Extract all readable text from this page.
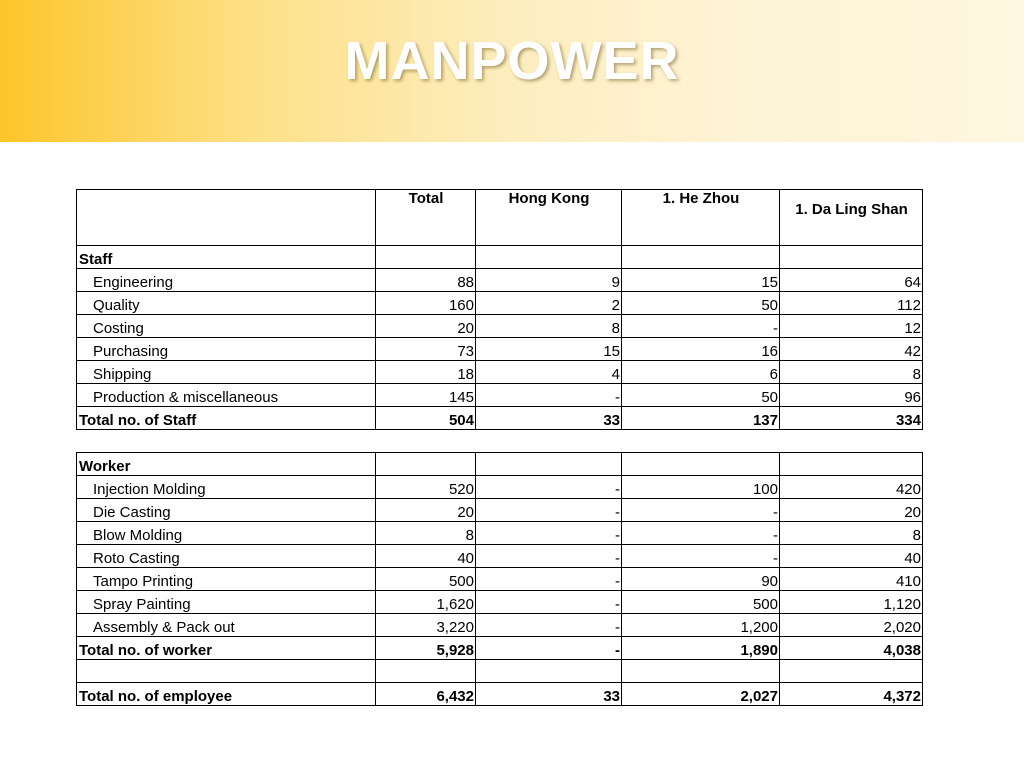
MANPOWER
	Total	Hong Kong	1. He Zhou	1. Da Ling Shan
Staff				
Engineering	88	9	15	64
Quality	160	2	50	112
Costing	20	8	-	12
Purchasing	73	15	16	42
Shipping	18	4	6	8
Production & miscellaneous	145	-	50	96
Total no. of Staff	504	33	137	334
Worker				
Injection Molding	520	-	100	420
Die Casting	20	-	-	20
Blow Molding	8	-	-	8
Roto Casting	40	-	-	40
Tampo Printing	500	-	90	410
Spray Painting	1,620	-	500	1,120
Assembly & Pack out	3,220	-	1,200	2,020
Total no. of worker	5,928	-	1,890	4,038

Total no. of employee	6,432	33	2,027	4,372
